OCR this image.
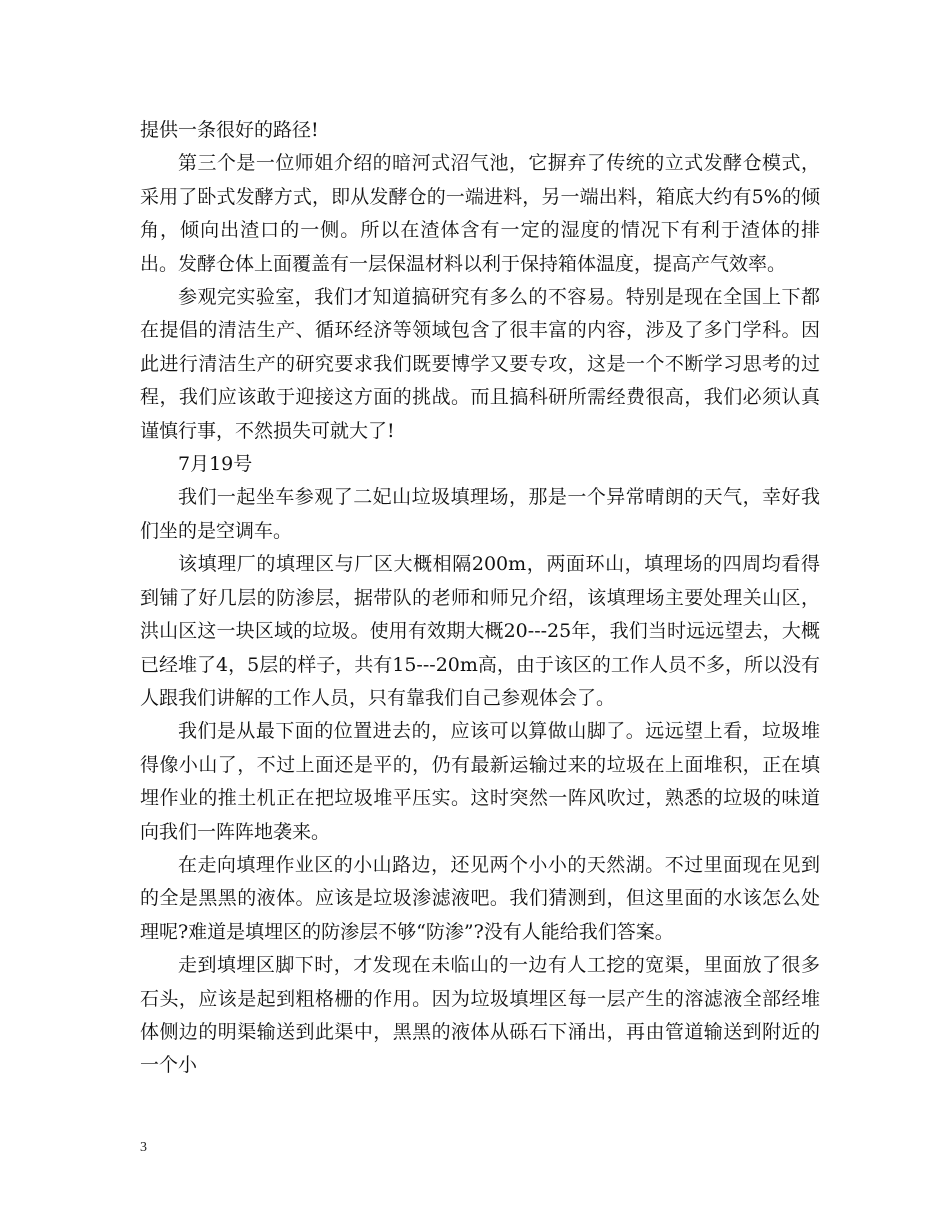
提供一条很好的路径!

第三个是一位师姐介绍的暗河式沼气池，它摒弃了传统的立式发酵仓模式，采用了卧式发酵方式，即从发酵仓的一端进料，另一端出料，箱底大约有5%的倾角，倾向出渣口的一侧。所以在渣体含有一定的湿度的情况下有利于渣体的排出。发酵仓体上面覆盖有一层保温材料以利于保持箱体温度，提高产气效率。

参观完实验室，我们才知道搞研究有多么的不容易。特别是现在全国上下都在提倡的清洁生产、循环经济等领域包含了很丰富的内容，涉及了多门学科。因此进行清洁生产的研究要求我们既要博学又要专攻，这是一个不断学习思考的过程，我们应该敢于迎接这方面的挑战。而且搞科研所需经费很高，我们必须认真谨慎行事，不然损失可就大了!

7月19号

我们一起坐车参观了二妃山垃圾填理场，那是一个异常晴朗的天气，幸好我们坐的是空调车。

该填理厂的填理区与厂区大概相隔200m，两面环山，填理场的四周均看得到铺了好几层的防渗层，据带队的老师和师兄介绍，该填理场主要处理关山区，洪山区这一块区域的垃圾。使用有效期大概20---25年，我们当时远远望去，大概已经堆了4，5层的样子，共有15---20m高，由于该区的工作人员不多，所以没有人跟我们讲解的工作人员，只有靠我们自己参观体会了。

我们是从最下面的位置进去的，应该可以算做山脚了。远远望上看，垃圾堆得像小山了，不过上面还是平的，仍有最新运输过来的垃圾在上面堆积，正在填埋作业的推土机正在把垃圾堆平压实。这时突然一阵风吹过，熟悉的垃圾的味道向我们一阵阵地袭来。

在走向填理作业区的小山路边，还见两个小小的天然湖。不过里面现在见到的全是黑黑的液体。应该是垃圾渗滤液吧。我们猜测到，但这里面的水该怎么处理呢?难道是填埋区的防渗层不够“防渗”?没有人能给我们答案。

走到填埋区脚下时，才发现在未临山的一边有人工挖的宽渠，里面放了很多石头，应该是起到粗格栅的作用。因为垃圾填埋区每一层产生的溶滤液全部经堆体侧边的明渠输送到此渠中，黑黑的液体从砾石下涌出，再由管道输送到附近的一个小

3
